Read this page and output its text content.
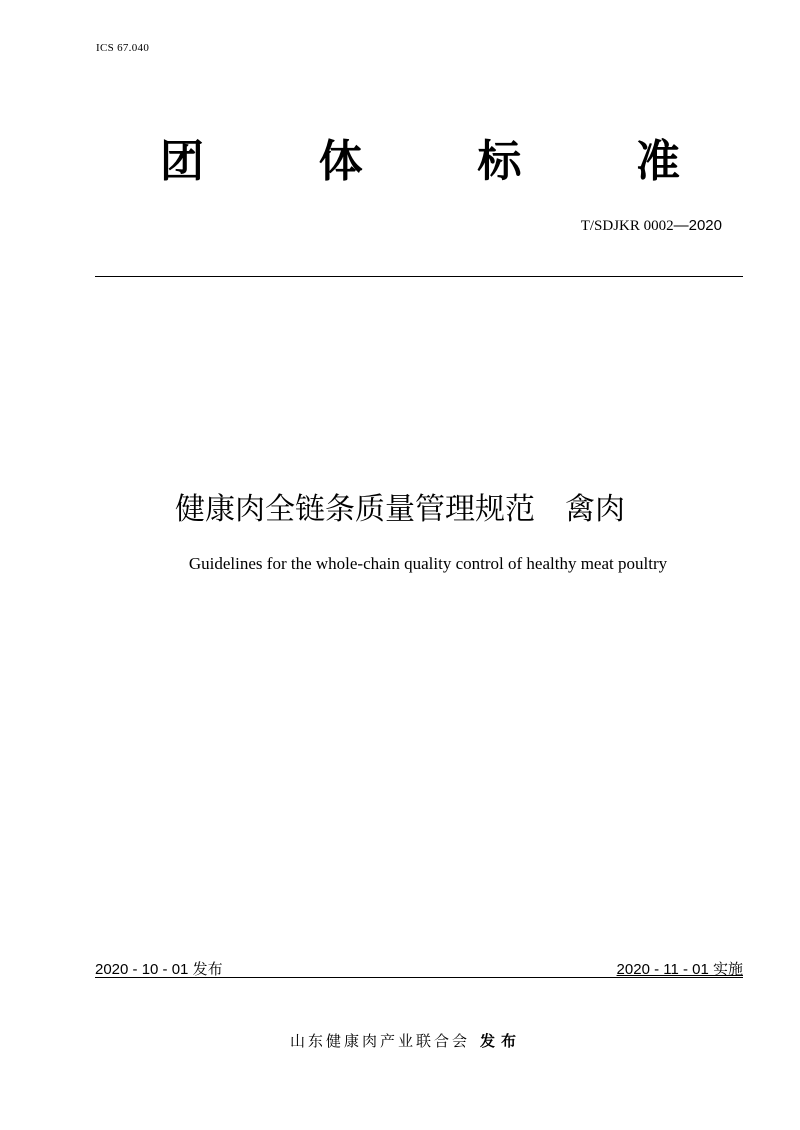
ICS 67.040
团	体	标	准
T/SDJKR 0002—2020
健康肉全链条质量管理规范　禽肉
Guidelines for the whole-chain quality control of healthy meat poultry
2020 - 10 - 01 发布	2020 - 11 - 01 实施
山东健康肉产业联合会 发布
